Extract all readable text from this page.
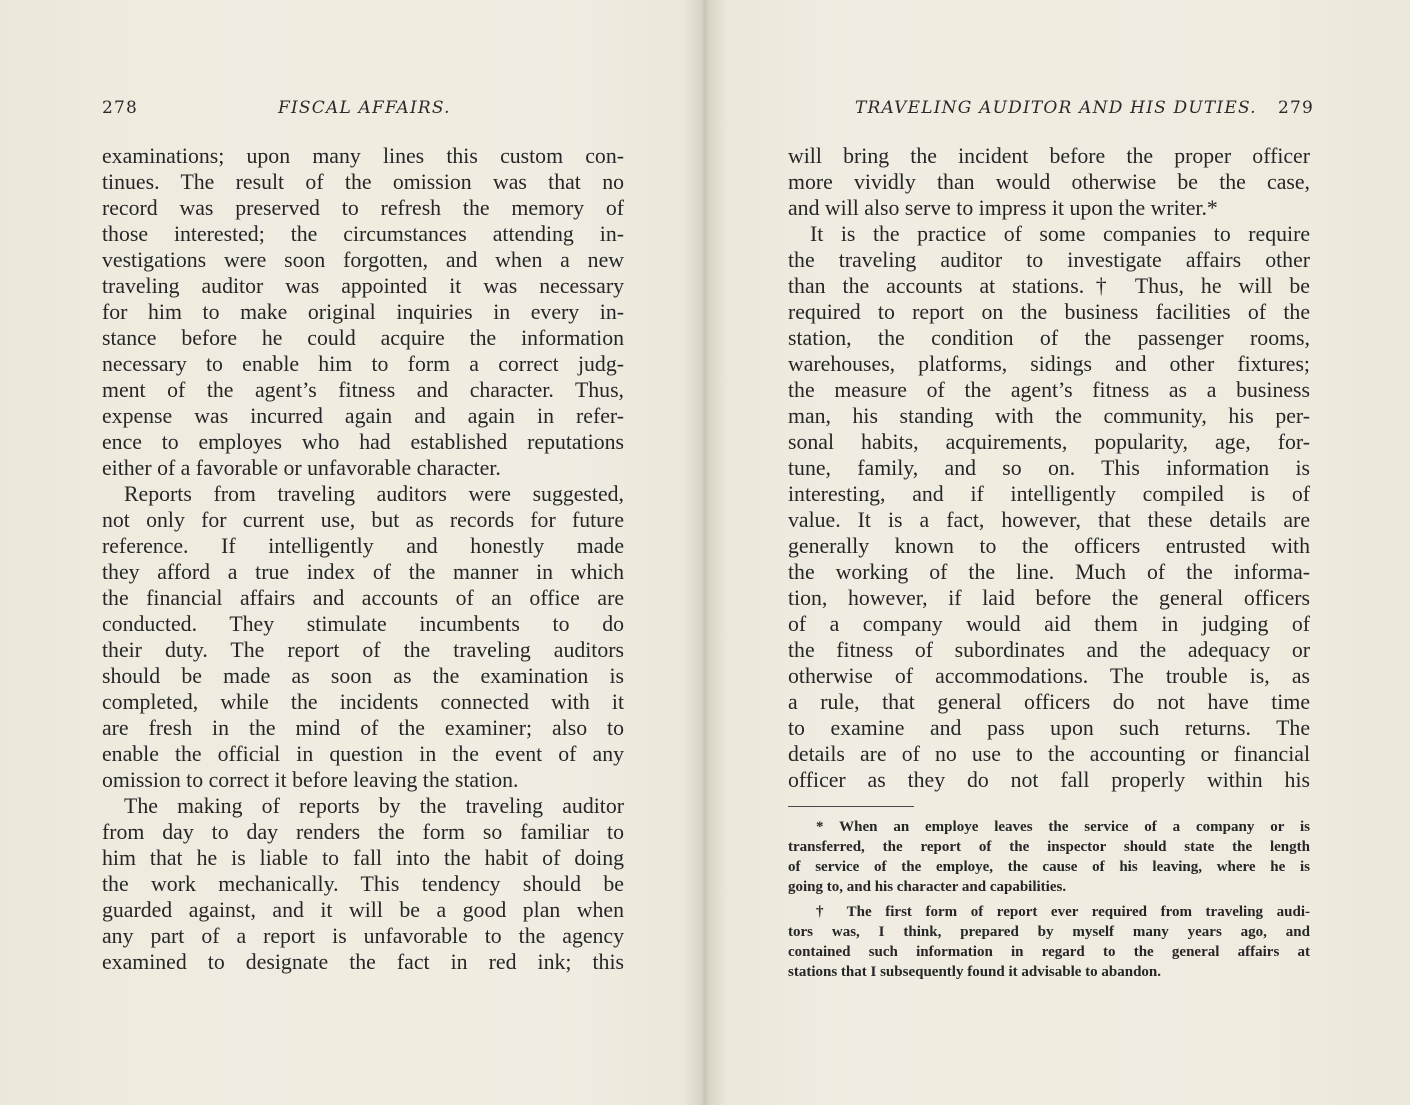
278	FISCAL AFFAIRS.
examinations; upon many lines this custom con-
tinues. The result of the omission was that no
record was preserved to refresh the memory of
those interested; the circumstances attending in-
vestigations were soon forgotten, and when a new
traveling auditor was appointed it was necessary
for him to make original inquiries in every in-
stance before he could acquire the information
necessary to enable him to form a correct judg-
ment of the agent’s fitness and character. Thus,
expense was incurred again and again in refer-
ence to employes who had established reputations
either of a favorable or unfavorable character.
Reports from traveling auditors were suggested,
not only for current use, but as records for future
reference. If intelligently and honestly made
they afford a true index of the manner in which
the financial affairs and accounts of an office are
conducted. They stimulate incumbents to do
their duty. The report of the traveling auditors
should be made as soon as the examination is
completed, while the incidents connected with it
are fresh in the mind of the examiner; also to
enable the official in question in the event of any
omission to correct it before leaving the station.
The making of reports by the traveling auditor
from day to day renders the form so familiar to
him that he is liable to fall into the habit of doing
the work mechanically. This tendency should be
guarded against, and it will be a good plan when
any part of a report is unfavorable to the agency
examined to designate the fact in red ink; this
TRAVELING AUDITOR AND HIS DUTIES. 279
will bring the incident before the proper officer
more vividly than would otherwise be the case,
and will also serve to impress it upon the writer.*
It is the practice of some companies to require
the traveling auditor to investigate affairs other
than the accounts at stations.† Thus, he will be
required to report on the business facilities of the
station, the condition of the passenger rooms,
warehouses, platforms, sidings and other fixtures;
the measure of the agent’s fitness as a business
man, his standing with the community, his per-
sonal habits, acquirements, popularity, age, for-
tune, family, and so on. This information is
interesting, and if intelligently compiled is of
value. It is a fact, however, that these details are
generally known to the officers entrusted with
the working of the line. Much of the informa-
tion, however, if laid before the general officers
of a company would aid them in judging of
the fitness of subordinates and the adequacy or
otherwise of accommodations. The trouble is, as
a rule, that general officers do not have time
to examine and pass upon such returns. The
details are of no use to the accounting or financial
officer as they do not fall properly within his
* When an employe leaves the service of a company or is
transferred, the report of the inspector should state the length
of service of the employe, the cause of his leaving, where he is
going to, and his character and capabilities.
† The first form of report ever required from traveling audi-
tors was, I think, prepared by myself many years ago, and
contained such information in regard to the general affairs at
stations that I subsequently found it advisable to abandon.
